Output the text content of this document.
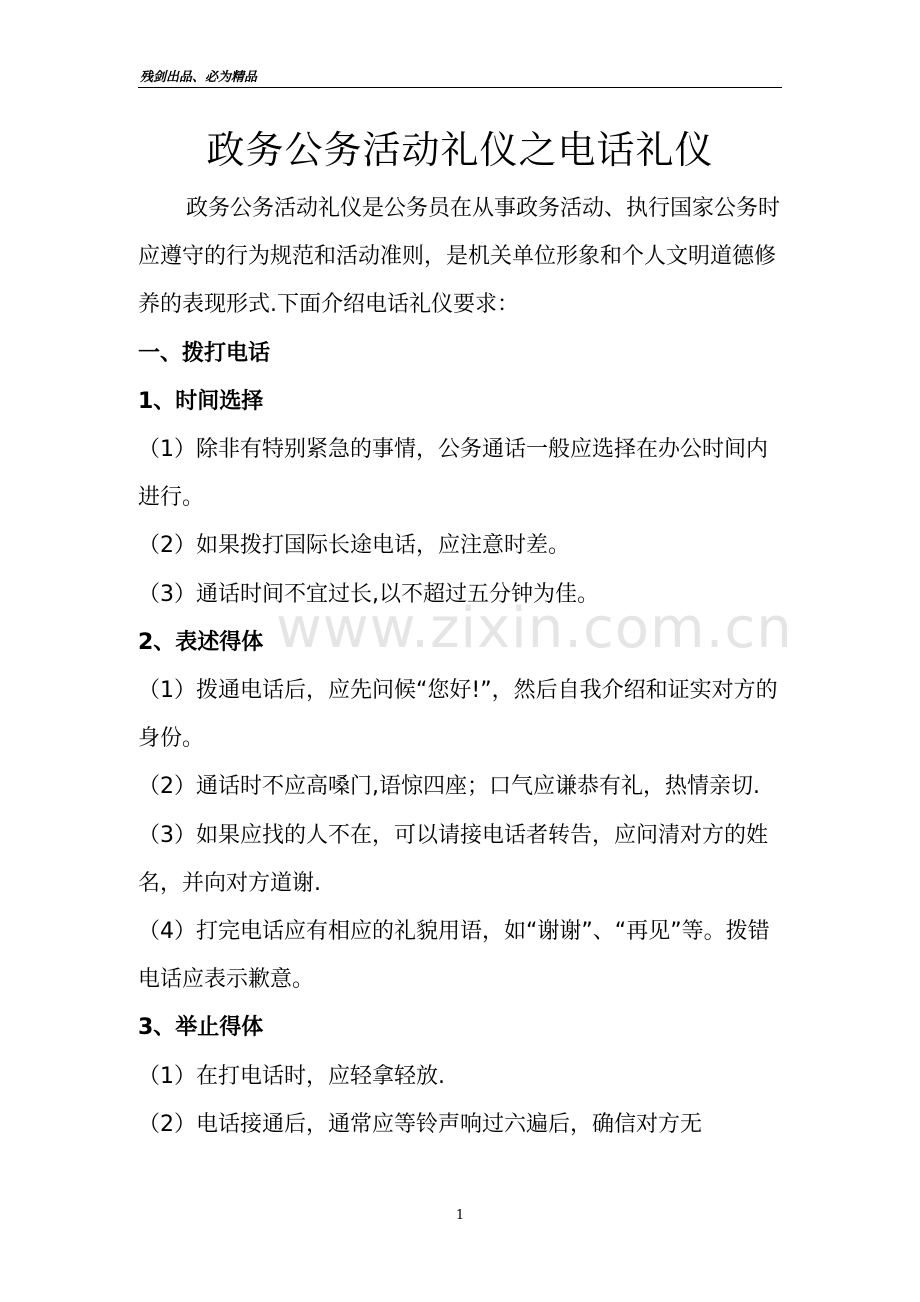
残剑出品、必为精品
政务公务活动礼仪之电话礼仪

政务公务活动礼仪是公务员在从事政务活动、执行国家公务时应遵守的行为规范和活动准则，是机关单位形象和个人文明道德修养的表现形式.下面介绍电话礼仪要求：

一、拨打电话

1、时间选择

（1）除非有特别紧急的事情，公务通话一般应选择在办公时间内进行。

（2）如果拨打国际长途电话，应注意时差。

（3）通话时间不宜过长,以不超过五分钟为佳。

2、表述得体

（1）拨通电话后，应先问候“您好!”，然后自我介绍和证实对方的身份。

（2）通话时不应高嗓门,语惊四座；口气应谦恭有礼，热情亲切.

（3）如果应找的人不在，可以请接电话者转告，应问清对方的姓名，并向对方道谢.

（4）打完电话应有相应的礼貌用语，如“谢谢”、“再见”等。拨错电话应表示歉意。

3、举止得体

（1）在打电话时，应轻拿轻放.

（2）电话接通后，通常应等铃声响过六遍后，确信对方无

www.zixin.com.cn
1
